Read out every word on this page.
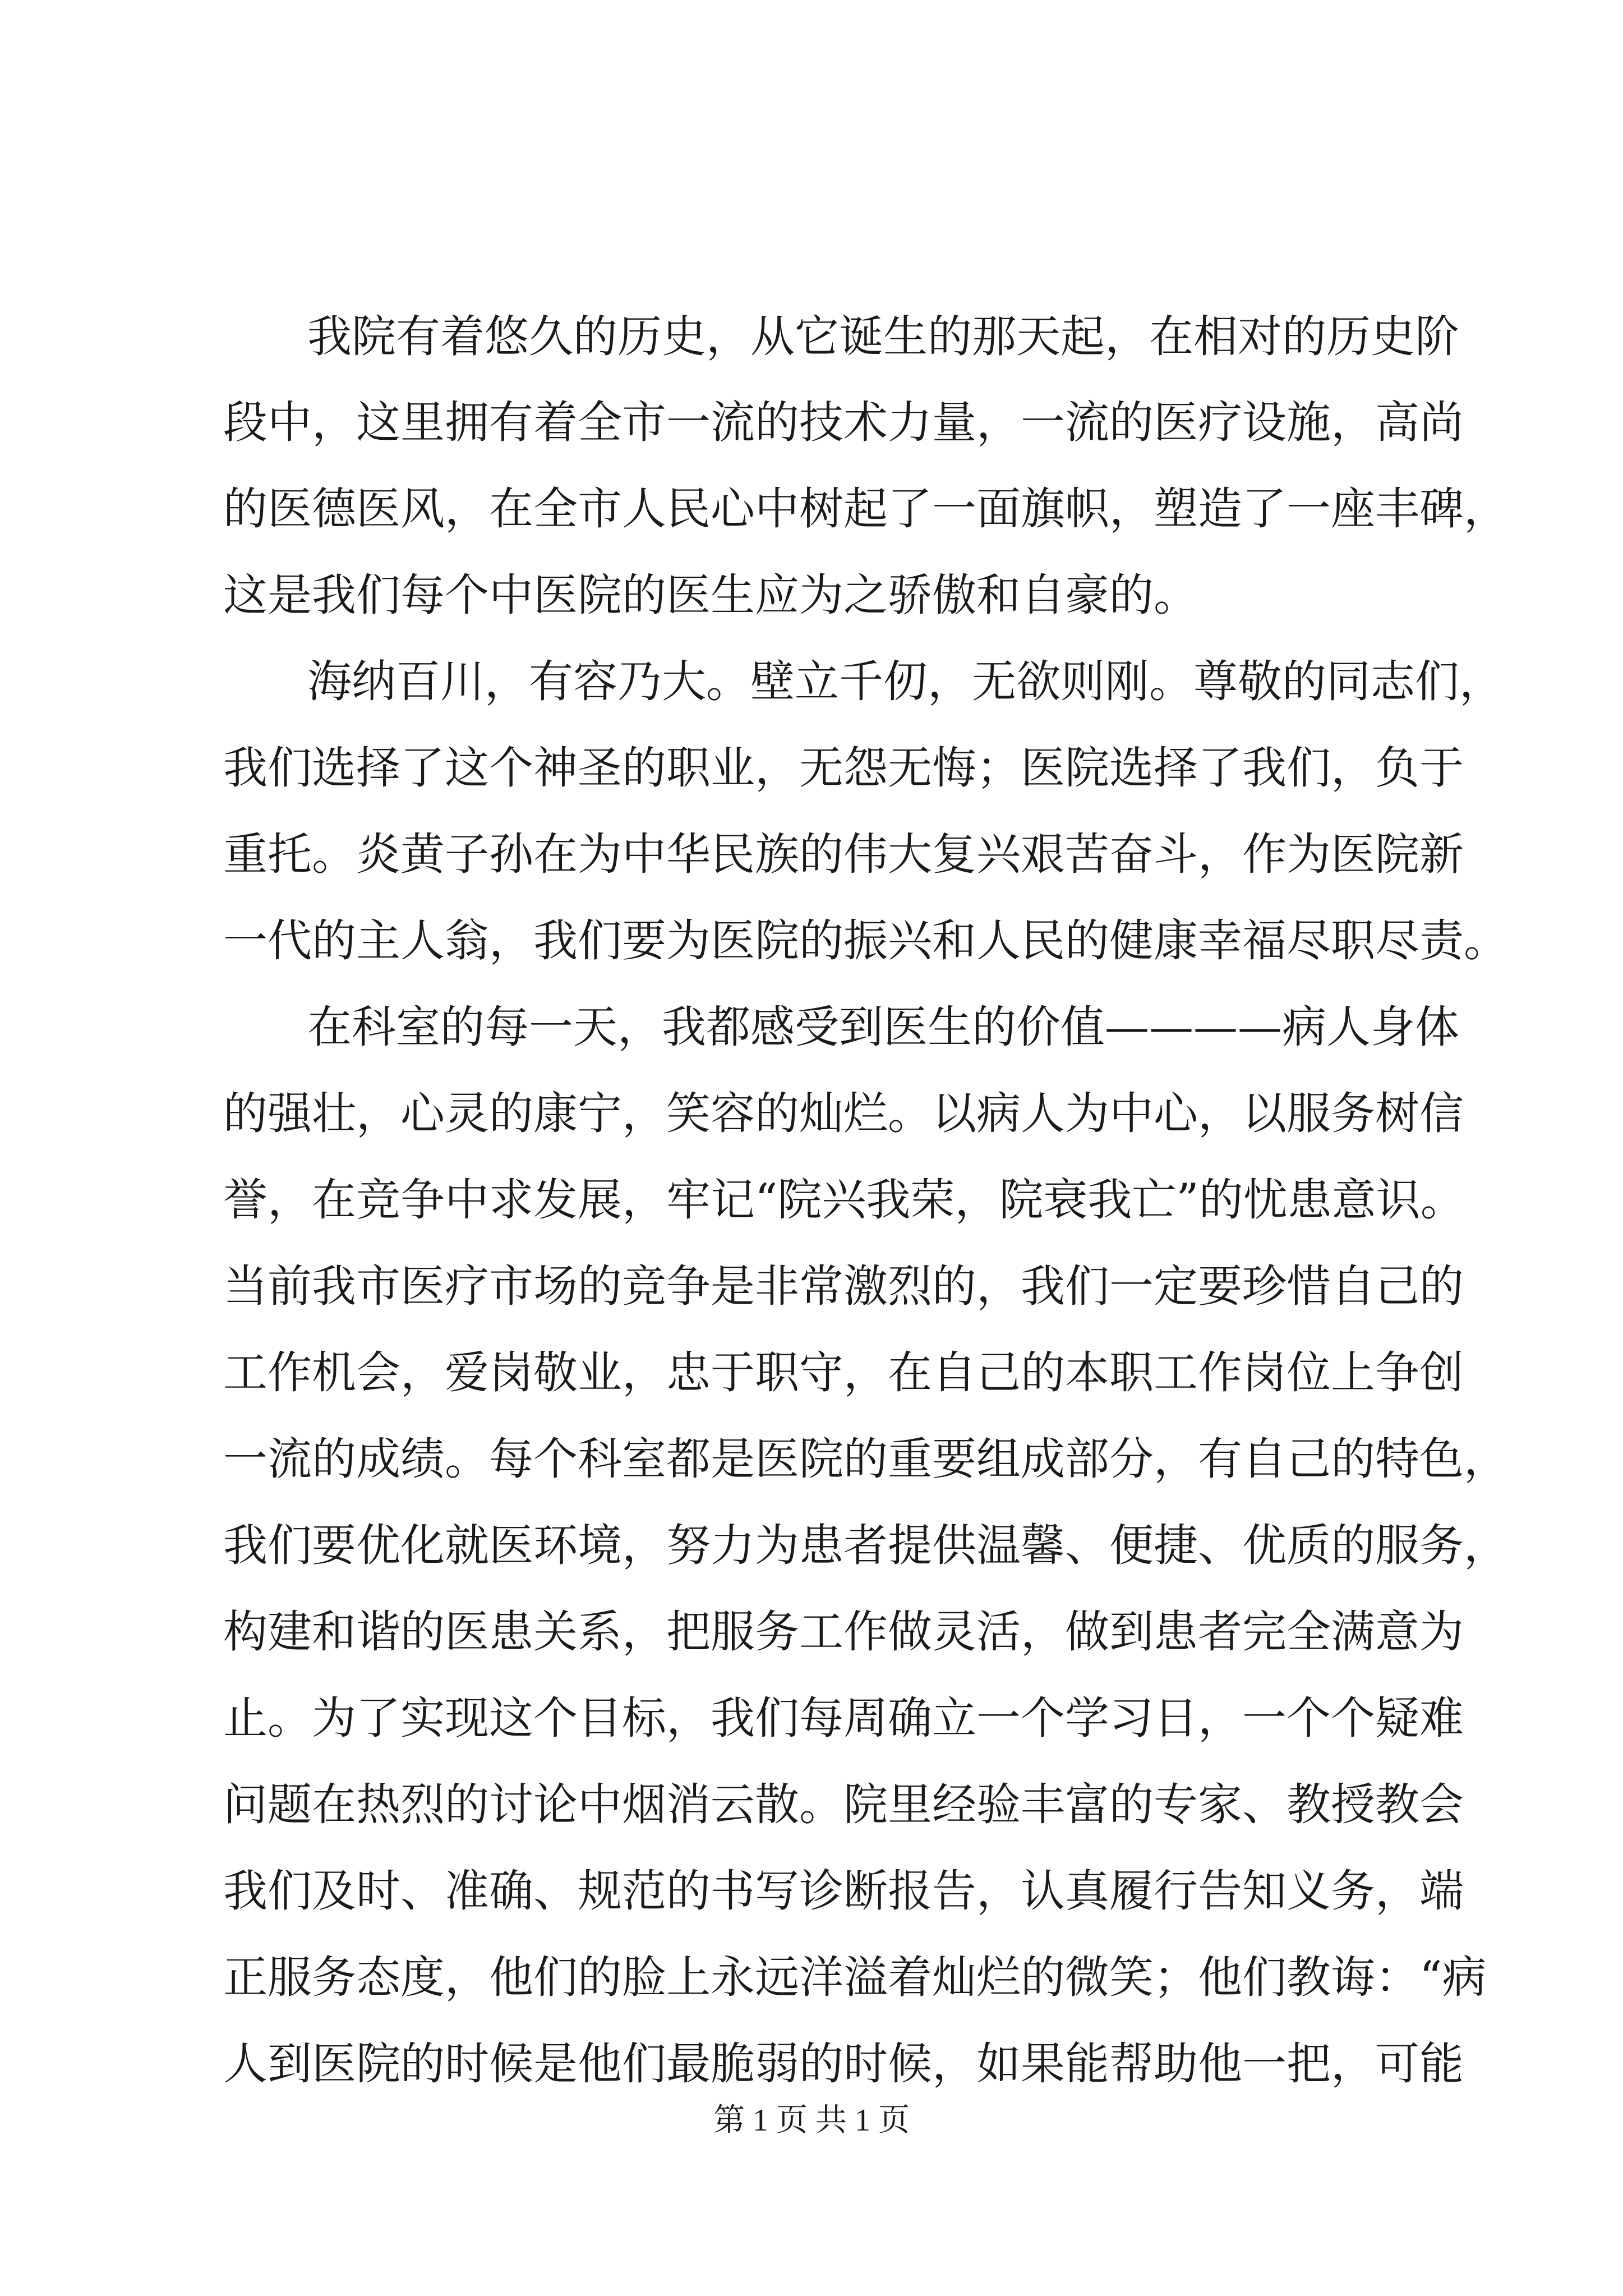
我院有着悠久的历史，从它诞生的那天起，在相对的历史阶
段中，这里拥有着全市一流的技术力量，一流的医疗设施，高尚
的医德医风，在全市人民心中树起了一面旗帜，塑造了一座丰碑，
这是我们每个中医院的医生应为之骄傲和自豪的。
海纳百川，有容乃大。壁立千仞，无欲则刚。尊敬的同志们，
我们选择了这个神圣的职业，无怨无悔；医院选择了我们，负于
重托。炎黄子孙在为中华民族的伟大复兴艰苦奋斗，作为医院新
一代的主人翁，我们要为医院的振兴和人民的健康幸福尽职尽责。
在科室的每一天，我都感受到医生的价值————病人身体
的强壮，心灵的康宁，笑容的灿烂。以病人为中心，以服务树信
誉，在竞争中求发展，牢记“院兴我荣，院衰我亡”的忧患意识。
当前我市医疗市场的竞争是非常激烈的，我们一定要珍惜自己的
工作机会，爱岗敬业，忠于职守，在自己的本职工作岗位上争创
一流的成绩。每个科室都是医院的重要组成部分，有自己的特色，
我们要优化就医环境，努力为患者提供温馨、便捷、优质的服务，
构建和谐的医患关系，把服务工作做灵活，做到患者完全满意为
止。为了实现这个目标，我们每周确立一个学习日，一个个疑难
问题在热烈的讨论中烟消云散。院里经验丰富的专家、教授教会
我们及时、准确、规范的书写诊断报告，认真履行告知义务，端
正服务态度，他们的脸上永远洋溢着灿烂的微笑；他们教诲：“病
人到医院的时候是他们最脆弱的时候，如果能帮助他一把，可能
第 1 页 共 1 页
